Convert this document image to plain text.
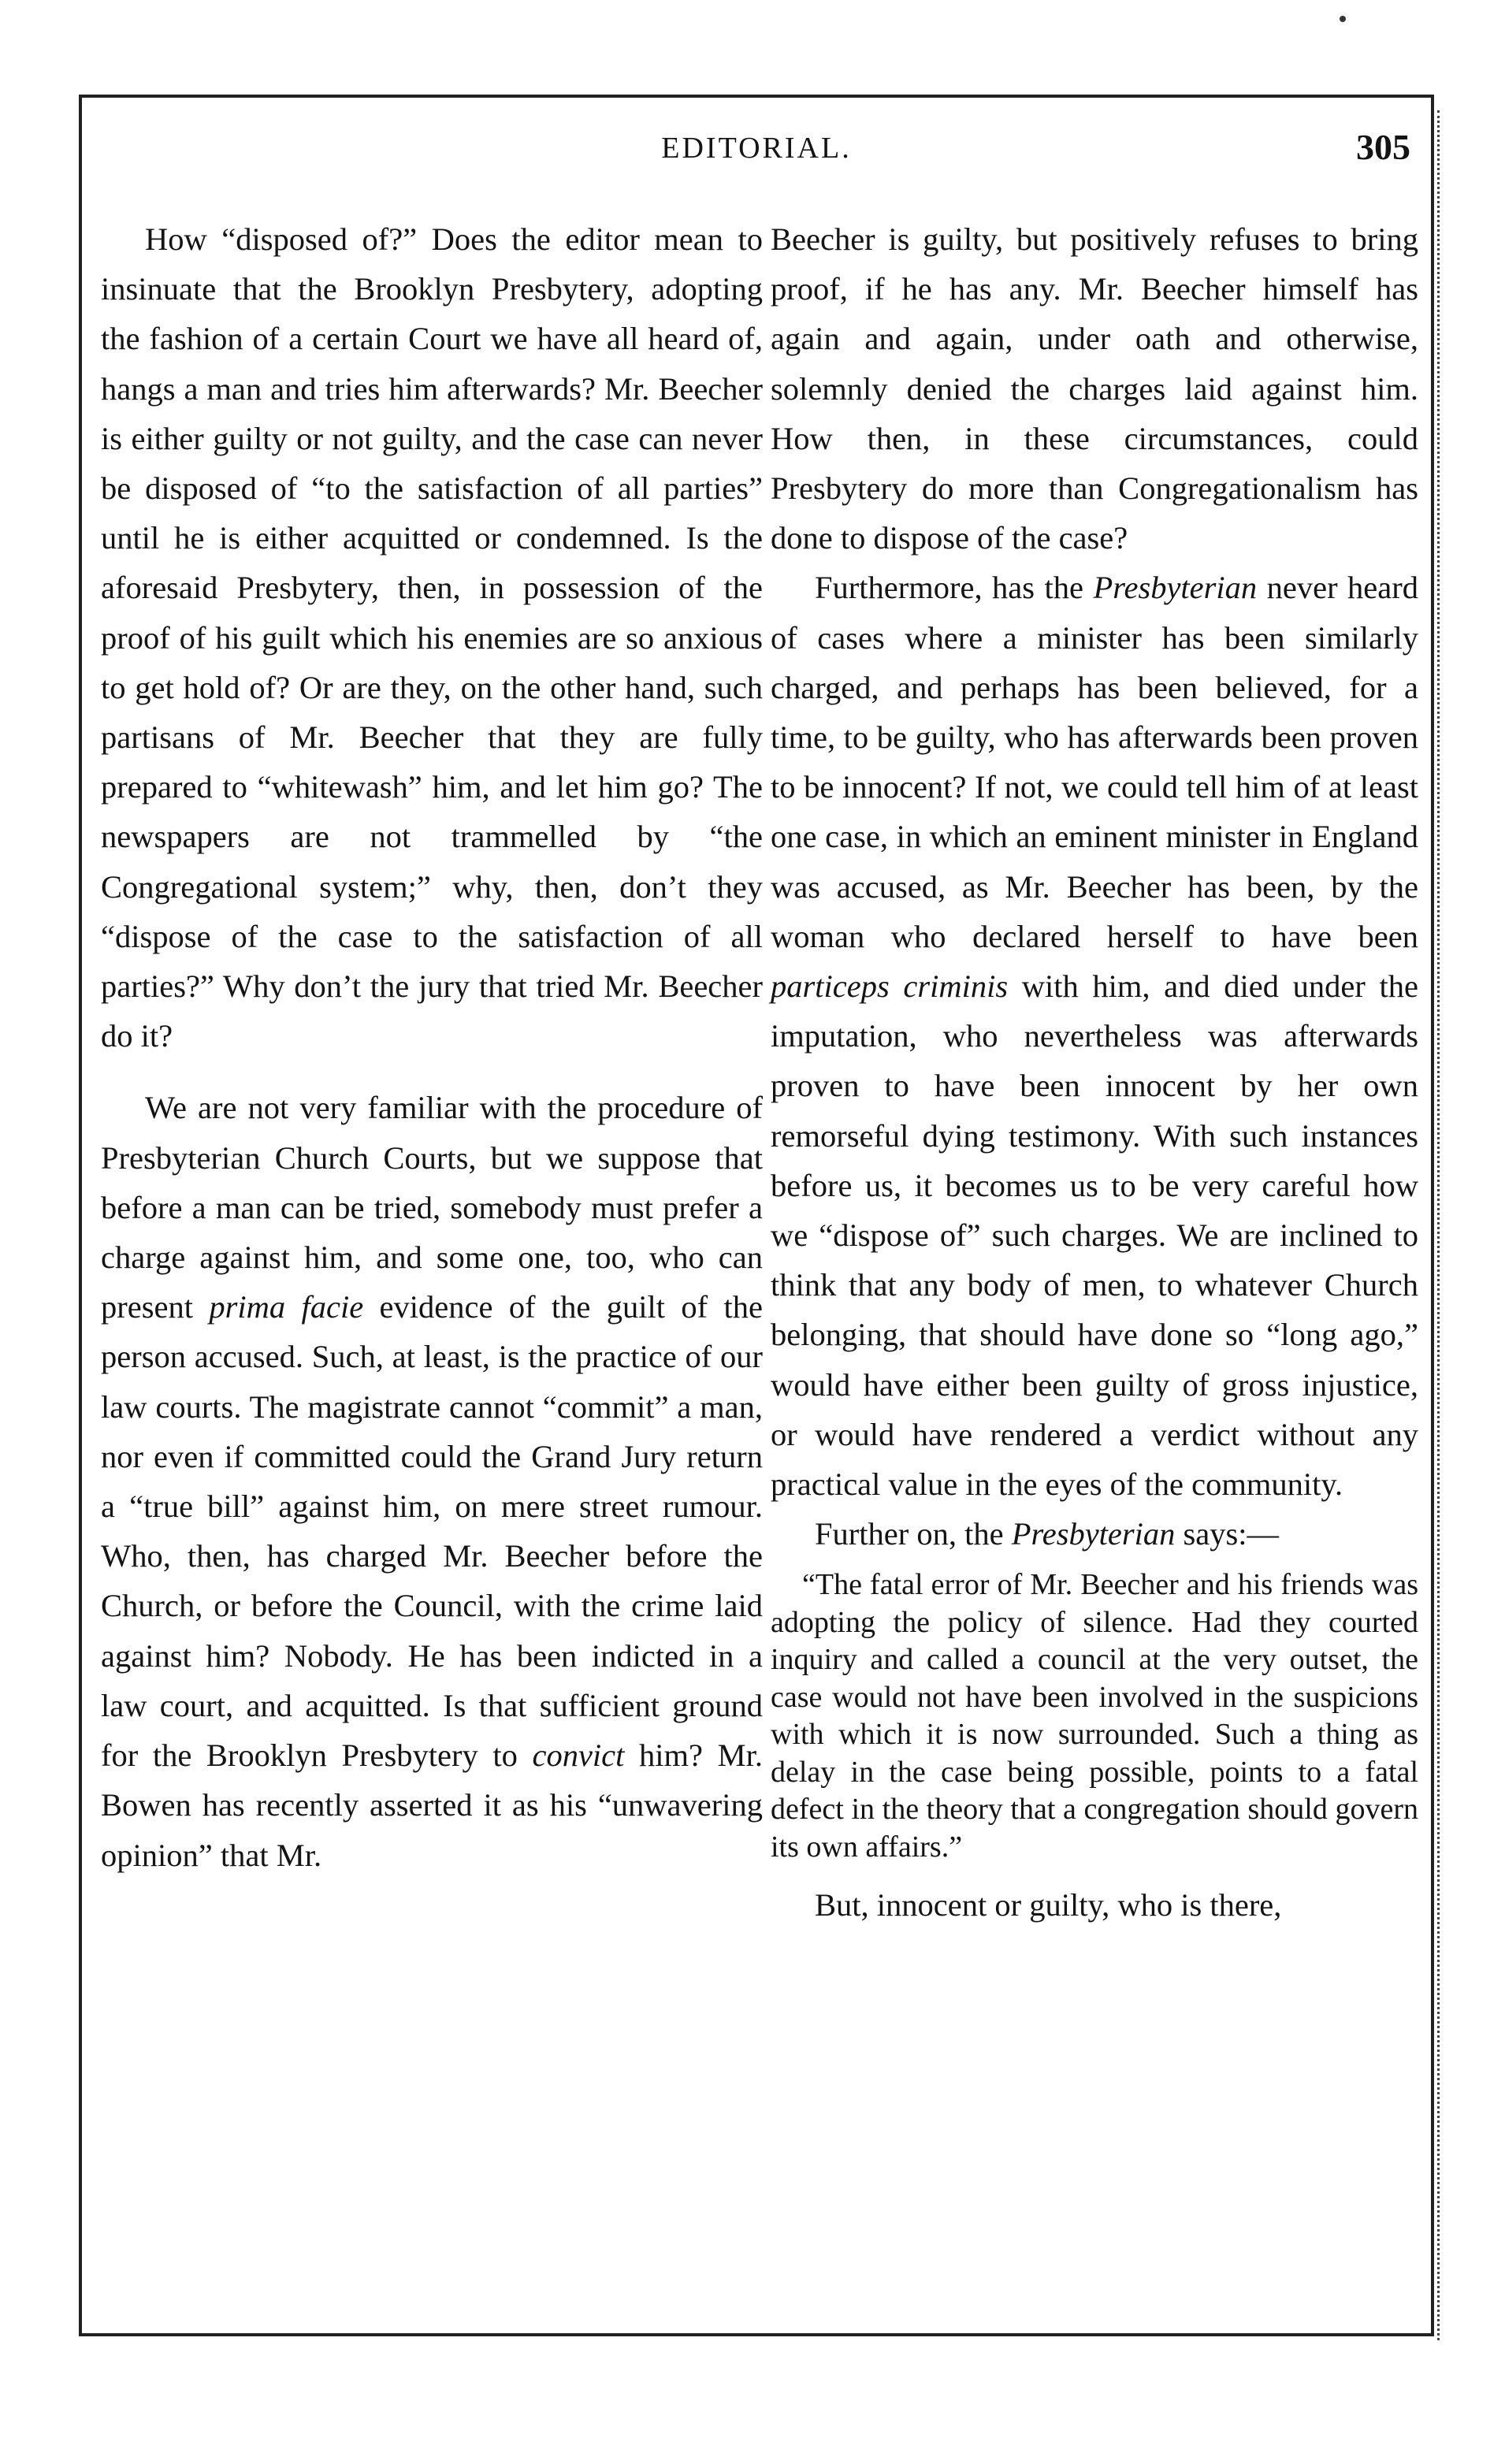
EDITORIAL.	305

How “disposed of?” Does the editor mean to insinuate that the Brooklyn Presbytery, adopting the fashion of a certain Court we have all heard of, hangs a man and tries him afterwards? Mr. Beecher is either guilty or not guilty, and the case can never be disposed of “to the satisfaction of all parties” until he is either acquitted or condemned. Is the aforesaid Presbytery, then, in possession of the proof of his guilt which his enemies are so anxious to get hold of? Or are they, on the other hand, such partisans of Mr. Beecher that they are fully prepared to “whitewash” him, and let him go? The newspapers are not trammelled by “the Congregational system;” why, then, don’t they “dispose of the case to the satisfaction of all parties?” Why don’t the jury that tried Mr. Beecher do it?

We are not very familiar with the procedure of Presbyterian Church Courts, but we suppose that before a man can be tried, somebody must prefer a charge against him, and some one, too, who can present prima facie evidence of the guilt of the person accused. Such, at least, is the practice of our law courts. The magistrate cannot “commit” a man, nor even if committed could the Grand Jury return a “true bill” against him, on mere street rumour. Who, then, has charged Mr. Beecher before the Church, or before the Council, with the crime laid against him? Nobody. He has been indicted in a law court, and acquitted. Is that sufficient ground for the Brooklyn Presbytery to convict him? Mr. Bowen has recently asserted it as his “unwavering opinion” that Mr.

Beecher is guilty, but positively refuses to bring proof, if he has any. Mr. Beecher himself has again and again, under oath and otherwise, solemnly denied the charges laid against him. How then, in these circumstances, could Presbytery do more than Congregationalism has done to dispose of the case?

Furthermore, has the Presbyterian never heard of cases where a minister has been similarly charged, and perhaps has been believed, for a time, to be guilty, who has afterwards been proven to be innocent? If not, we could tell him of at least one case, in which an eminent minister in England was accused, as Mr. Beecher has been, by the woman who declared herself to have been particeps criminis with him, and died under the imputation, who nevertheless was afterwards proven to have been innocent by her own remorseful dying testimony. With such instances before us, it becomes us to be very careful how we “dispose of” such charges. We are inclined to think that any body of men, to whatever Church belonging, that should have done so “long ago,” would have either been guilty of gross injustice, or would have rendered a verdict without any practical value in the eyes of the community.

Further on, the Presbyterian says:—

“The fatal error of Mr. Beecher and his friends was adopting the policy of silence. Had they courted inquiry and called a council at the very outset, the case would not have been involved in the suspicions with which it is now surrounded. Such a thing as delay in the case being possible, points to a fatal defect in the theory that a congregation should govern its own affairs.”

But, innocent or guilty, who is there,
